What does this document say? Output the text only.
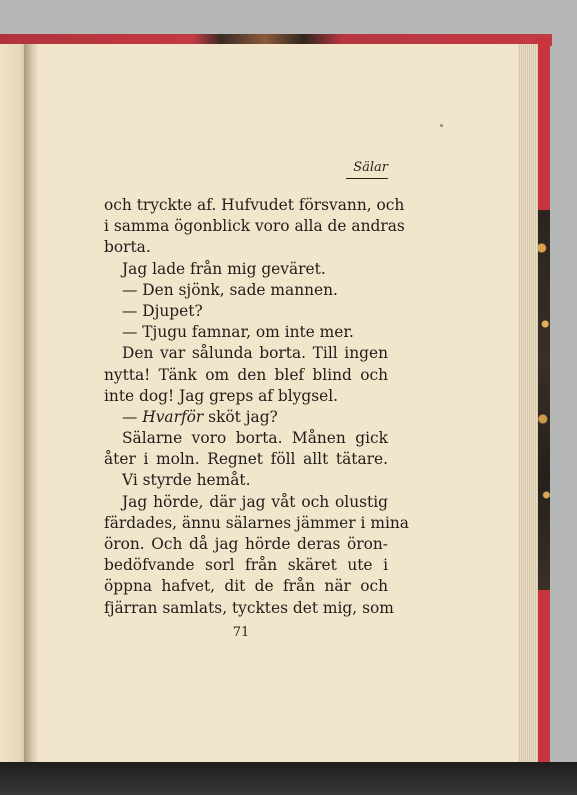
Sälar
och tryckte af. Hufvudet försvann, och
i samma ögonblick voro alla de andras
borta.
Jag lade från mig geväret.
— Den sjönk, sade mannen.
— Djupet?
— Tjugu famnar, om inte mer.
Den var sålunda borta. Till ingen
nytta! Tänk om den blef blind och
inte dog! Jag greps af blygsel.
— Hvarför sköt jag?
Sälarne voro borta. Månen gick
åter i moln. Regnet föll allt tätare.
Vi styrde hemåt.
Jag hörde, där jag våt och olustig
färdades, ännu sälarnes jämmer i mina
öron. Och då jag hörde deras öron-
bedöfvande sorl från skäret ute i
öppna hafvet, dit de från när och
fjärran samlats, tycktes det mig, som
71
